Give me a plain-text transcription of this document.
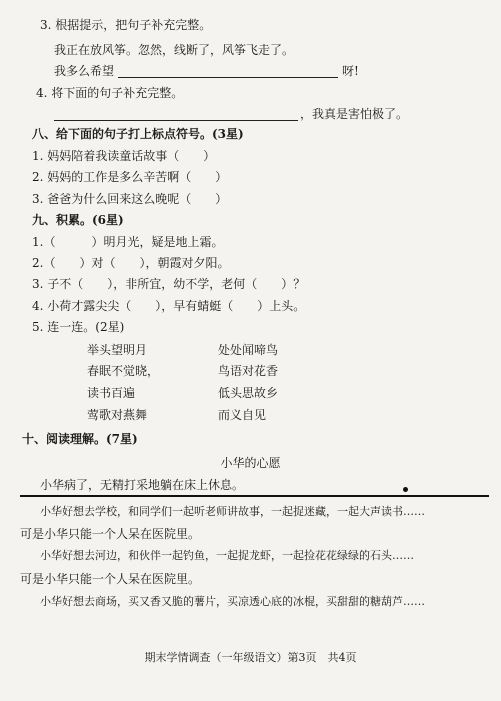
3. 根据提示，把句子补充完整。
我正在放风筝。忽然，线断了，风筝飞走了。
我多么希望	呀!
4. 将下面的句子补充完整。
，我真是害怕极了。
八、给下面的句子打上标点符号。(3星)
1. 妈妈陪着我读童话故事（　　）
2. 妈妈的工作是多么辛苦啊（　　）
3. 爸爸为什么回来这么晚呢（　　）
九、积累。(6星)
1.（　　　）明月光，疑是地上霜。
2.（　　）对（　　），朝霞对夕阳。
3. 子不（　　），非所宜，幼不学，老何（　　）？
4. 小荷才露尖尖（　　），早有蜻蜓（　　）上头。
5. 连一连。(2星)
举头望明月
春眠不觉晓，
读书百遍
莺歌对燕舞
处处闻啼鸟
鸟语对花香
低头思故乡
而义自见
十、阅读理解。(7星)
小华的心愿
小华病了，无精打采地躺在床上休息。
小华好想去学校，和同学们一起听老师讲故事，一起捉迷藏，一起大声读书……
可是小华只能一个人呆在医院里。
小华好想去河边，和伙伴一起钓鱼，一起捉龙虾，一起捡花花绿绿的石头……
可是小华只能一个人呆在医院里。
小华好想去商场，买又香又脆的薯片，买凉透心底的冰棍，买甜甜的糖葫芦……
期末学情调查（一年级语文）第3页　共4页
